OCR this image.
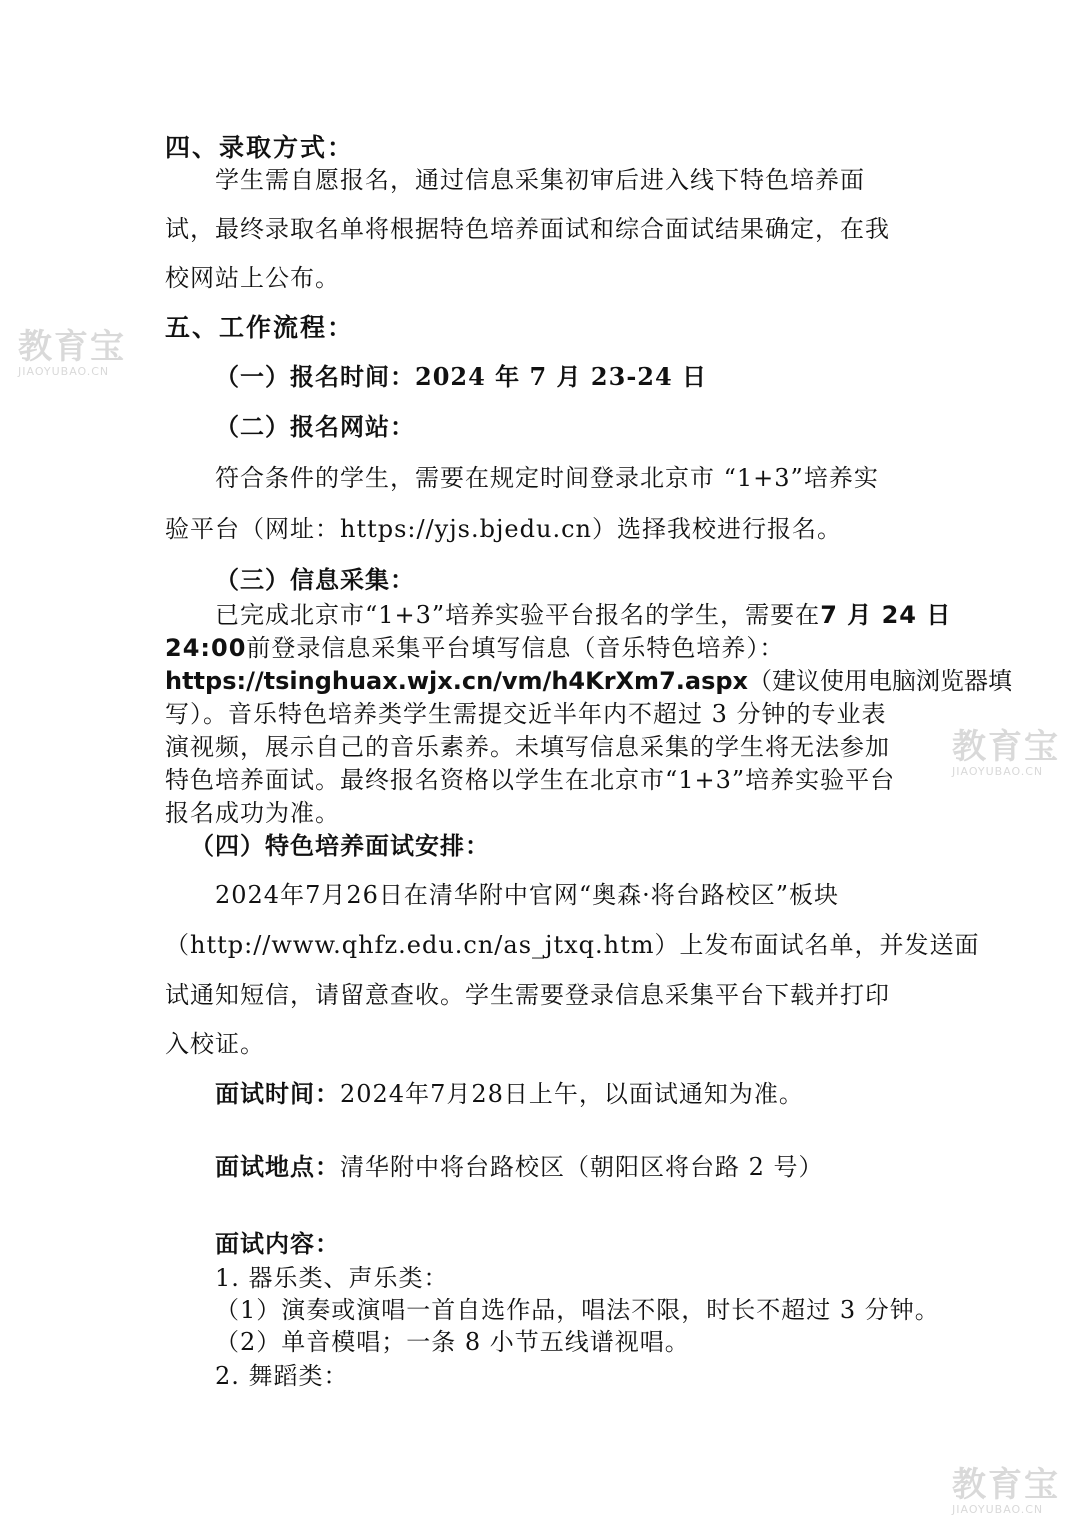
教育宝
JIAOYUBAO.CN
教育宝
JIAOYUBAO.CN
教育宝
JIAOYUBAO.CN
四、录取方式：
学生需自愿报名，通过信息采集初审后进入线下特色培养面
试，最终录取名单将根据特色培养面试和综合面试结果确定，在我
校网站上公布。
五、工作流程：
（一）报名时间：2024 年 7 月 23-24 日
（二）报名网站：
符合条件的学生，需要在规定时间登录北京市 “1+3”培养实
验平台（网址：https://yjs.bjedu.cn）选择我校进行报名。
（三）信息采集：
已完成北京市“1+3”培养实验平台报名的学生，需要在7 月 24 日
24:00前登录信息采集平台填写信息（音乐特色培养）：
https://tsinghuax.wjx.cn/vm/h4KrXm7.aspx（建议使用电脑浏览器填
写）。音乐特色培养类学生需提交近半年内不超过 3 分钟的专业表
演视频，展示自己的音乐素养。未填写信息采集的学生将无法参加
特色培养面试。最终报名资格以学生在北京市“1+3”培养实验平台
报名成功为准。
（四）特色培养面试安排：
2024年7月26日在清华附中官网“奥森·将台路校区”板块
（http://www.qhfz.edu.cn/as_jtxq.htm）上发布面试名单，并发送面
试通知短信，请留意查收。学生需要登录信息采集平台下载并打印
入校证。
面试时间：2024年7月28日上午，以面试通知为准。
面试地点：清华附中将台路校区（朝阳区将台路 2 号）
面试内容：
1. 器乐类、声乐类：
（1）演奏或演唱一首自选作品，唱法不限，时长不超过 3 分钟。
（2）单音模唱；一条 8 小节五线谱视唱。
2. 舞蹈类：
